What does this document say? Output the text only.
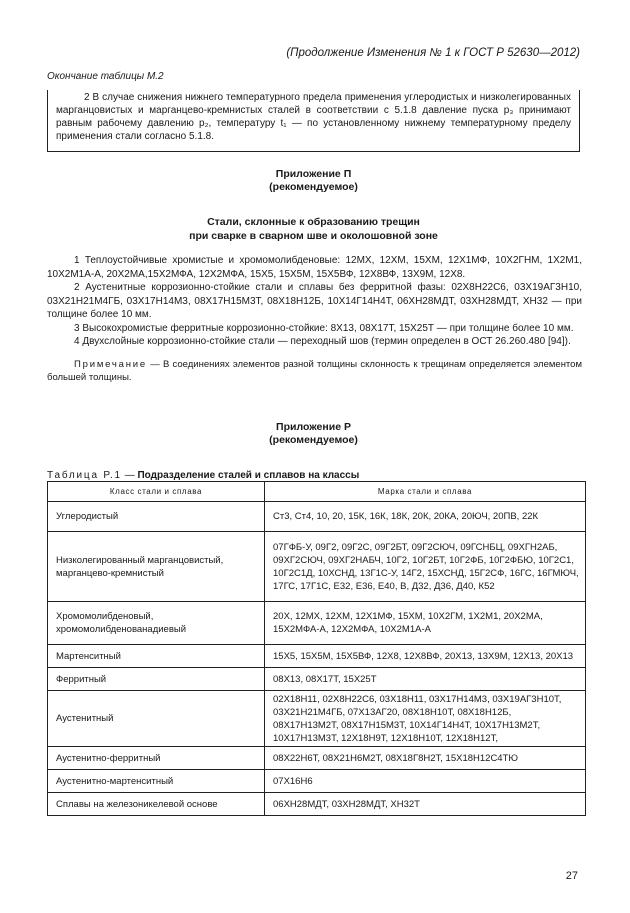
(Продолжение Изменения № 1 к ГОСТ Р 52630—2012)
Окончание таблицы М.2

2 В случае снижения нижнего температурного предела применения углеродистых и низколегированных марганцовистых и марганцево-кремнистых сталей в соответствии с 5.1.8 давление пуска p₃ принимают равным рабочему давлению p₂, температуру t₁ — по установленному нижнему температурному пределу применения стали согласно 5.1.8.

Приложение П
(рекомендуемое)
Стали, склонные к образованию трещин
при сварке в сварном шве и околошовной зоне

1 Теплоустойчивые хромистые и хромомолибденовые: 12МХ, 12ХМ, 15ХМ, 12Х1МФ, 10Х2ГНМ, 1Х2М1, 10Х2М1А-А, 20Х2МА,15Х2МФА, 12Х2МФА, 15Х5, 15Х5М, 15Х5ВФ, 12Х8ВФ, 13Х9М, 12Х8.

2 Аустенитные коррозионно-стойкие стали и сплавы без ферритной фазы: 02Х8Н22С6, 03Х19АГ3Н10, 03Х21Н21М4ГБ, 03Х17Н14М3, 08Х17Н15М3Т, 08Х18Н12Б, 10Х14Г14Н4Т, 06ХН28МДТ, 03ХН28МДТ, ХН32 — при толщине более 10 мм.

3 Высокохромистые ферритные коррозионно-стойкие: 8Х13, 08Х17Т, 15Х25Т — при толщине более 10 мм.

4 Двухслойные коррозионно-стойкие стали — переходный шов (термин определен в ОСТ 26.260.480 [94]).

Примечание — В соединениях элементов разной толщины склонность к трещинам определяется элементом большей толщины.

Приложение Р
(рекомендуемое)
Таблица Р.1 — Подразделение сталей и сплавов на классы
Класс стали и сплава	Марка стали и сплава
Углеродистый	Ст3, Ст4, 10, 20, 15К, 16К, 18К, 20К, 20КА, 20ЮЧ, 20ПВ, 22К
Низколегированный марганцовистый, марганцево-кремнистый	07ГФБ-У, 09Г2, 09Г2С, 09Г2БТ, 09Г2СЮЧ, 09ГСНБЦ, 09ХГН2АБ, 09ХГ2СЮЧ, 09ХГ2НАБЧ, 10Г2, 10Г2БТ, 10Г2ФБ, 10Г2ФБЮ, 10Г2С1, 10Г2С1Д, 10ХСНД, 13Г1С-У, 14Г2, 15ХСНД, 15Г2СФ, 16ГС, 16ГМЮЧ, 17ГС, 17Г1С, Е32, Е36, Е40, В, Д32, Д36, Д40, К52
Хромомолибденовый, хромомолибденованадиевый	20Х, 12МХ, 12ХМ, 12Х1МФ, 15ХМ, 10Х2ГМ, 1Х2М1, 20Х2МА, 15Х2МФА-А, 12Х2МФА, 10Х2М1А-А
Мартенситный	15Х5, 15Х5М, 15Х5ВФ, 12Х8, 12Х8ВФ, 20Х13, 13Х9М, 12Х13, 20Х13
Ферритный	08Х13, 08Х17Т, 15Х25Т
Аустенитный	02Х18Н11, 02Х8Н22С6, 03Х18Н11, 03Х17Н14М3, 03Х19АГ3Н10Т, 03Х21Н21М4ГБ, 07Х13АГ20, 08Х18Н10Т, 08Х18Н12Б, 08Х17Н13М2Т, 08Х17Н15М3Т, 10Х14Г14Н4Т, 10Х17Н13М2Т, 10Х17Н13М3Т, 12Х18Н9Т, 12Х18Н10Т, 12Х18Н12Т,
Аустенитно-ферритный	08Х22Н6Т, 08Х21Н6М2Т, 08Х18Г8Н2Т, 15Х18Н12С4ТЮ
Аустенитно-мартенситный	07Х16Н6
Сплавы на железоникелевой основе	06ХН28МДТ, 03ХН28МДТ, ХН32Т
27
